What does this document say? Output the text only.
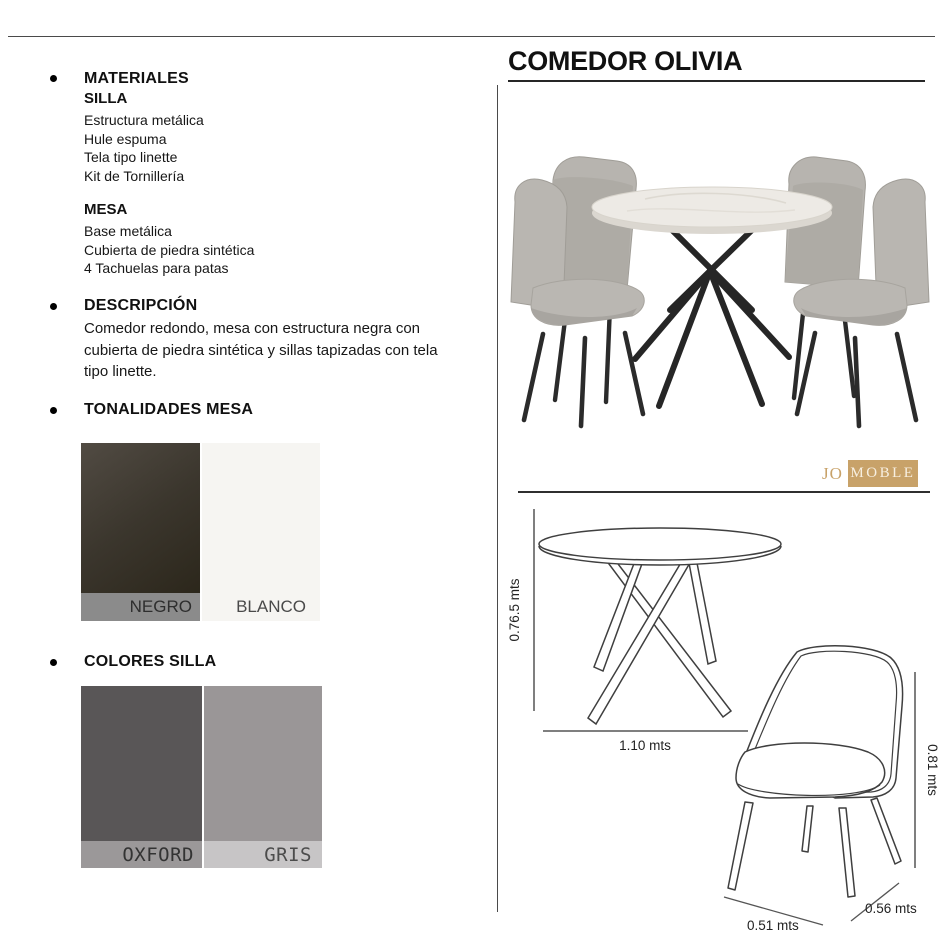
MATERIALES
SILLA
Estructura metálica
Hule espuma
Tela tipo linette
Kit de Tornillería
MESA
Base metálica
Cubierta de piedra sintética
4 Tachuelas para patas
DESCRIPCIÓN
Comedor redondo, mesa con estructura negra con cubierta de piedra sintética y sillas tapizadas con tela tipo linette.
TONALIDADES MESA
NEGRO	BLANCO
COLORES SILLA
OXFORD	GRIS
COMEDOR OLIVIA
JO MOBLE
0.76.5 mts
1.10 mts	0.81 mts
0.51 mts
0.56 mts
